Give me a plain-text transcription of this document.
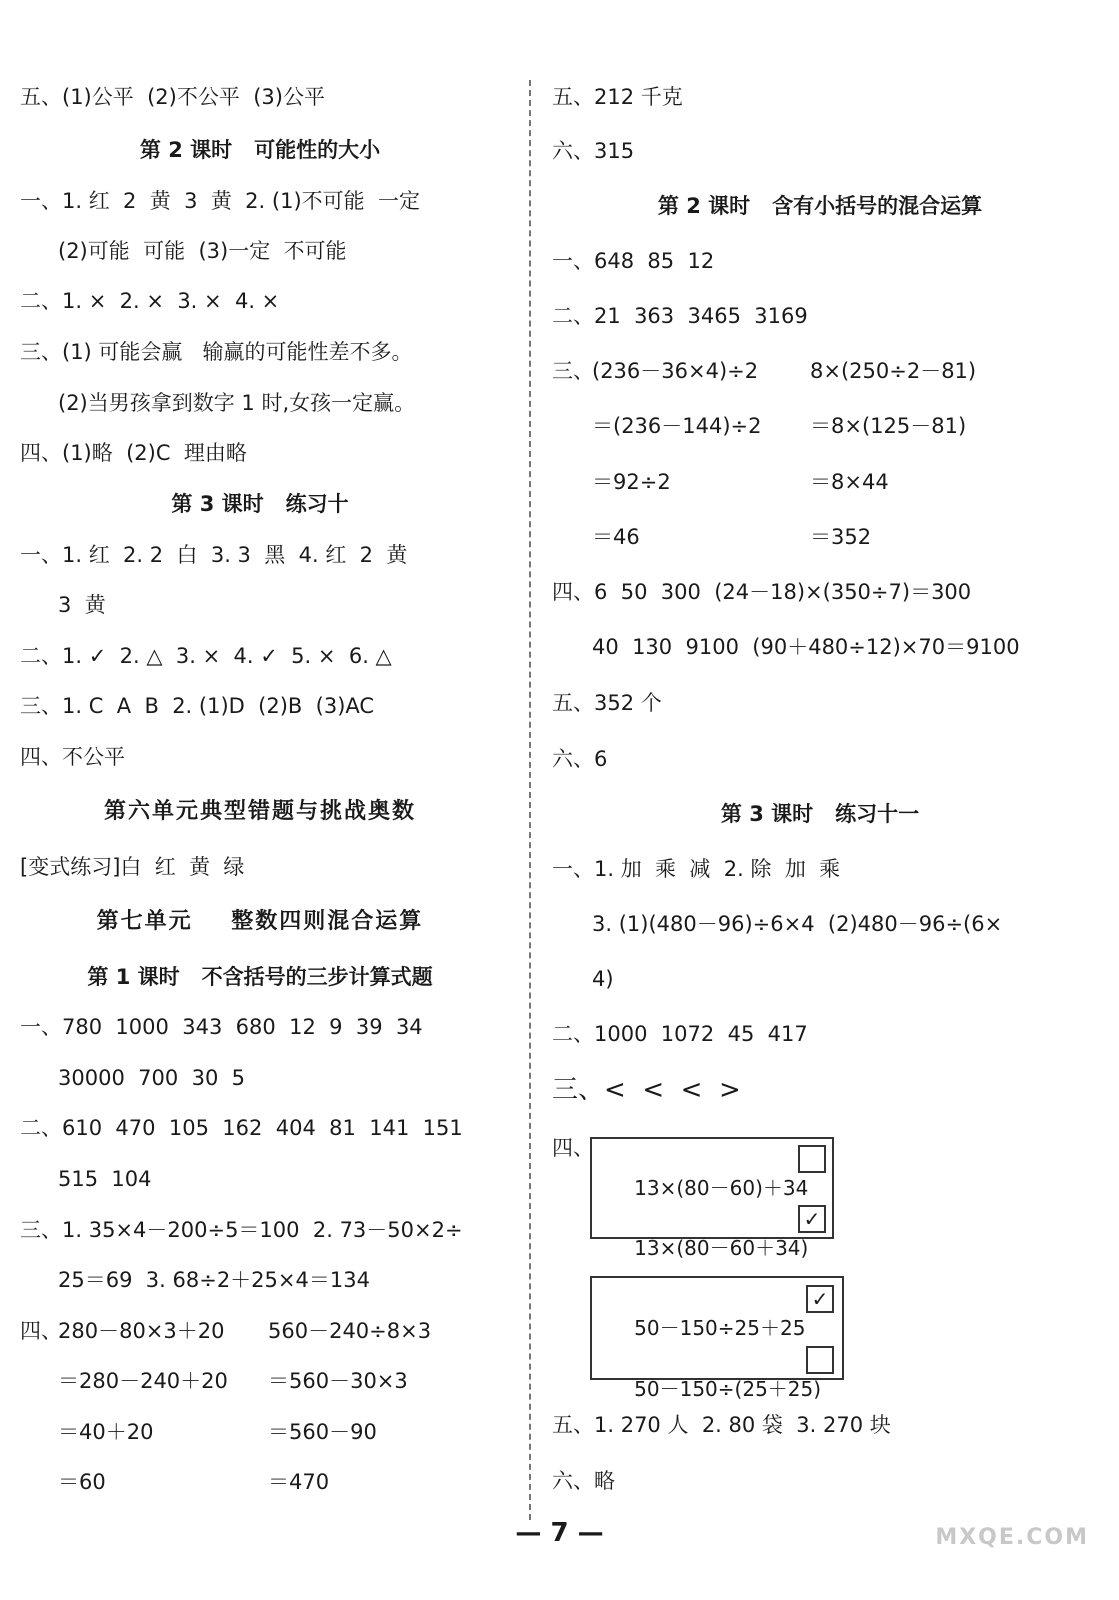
五、(1)公平  (2)不公平  (3)公平
第 2 课时   可能性的大小
一、1. 红  2  黄  3  黄  2. (1)不可能  一定
(2)可能  可能  (3)一定  不可能
二、1. ×  2. ×  3. ×  4. ×
三、(1) 可能会赢   输赢的可能性差不多。
(2)当男孩拿到数字 1 时,女孩一定赢。
四、(1)略  (2)C  理由略
第 3 课时   练习十
一、1. 红  2. 2  白  3. 3  黑  4. 红  2  黄
3  黄
二、1. ✓  2. △  3. ×  4. ✓  5. ×  6. △
三、1. C  A  B  2. (1)D  (2)B  (3)AC
四、不公平
第六单元典型错题与挑战奥数
[变式练习]白  红  黄  绿
第七单元    整数四则混合运算
第 1 课时   不含括号的三步计算式题
一、780  1000  343  680  12  9  39  34
30000  700  30  5
二、610  470  105  162  404  81  141  151
515  104
三、1. 35×4－200÷5＝100  2. 73－50×2÷
25＝69  3. 68÷2＋25×4＝134
四、
280－80×3＋20 560－240÷8×3
＝280－240＋20 ＝560－30×3
＝40＋20	＝560－90
＝60	＝470
五、212 千克
六、315
第 2 课时   含有小括号的混合运算
一、648  85  12
二、21  363  3465  3169
三、
(236－36×4)÷2 8×(250÷2－81)
＝(236－144)÷2 ＝8×(125－81)
＝92÷2	＝8×44
＝46	＝352
四、6  50  300  (24－18)×(350÷7)＝300
40  130  9100  (90＋480÷12)×70＝9100
五、352 个
六、6
第 3 课时   练习十一
一、1. 加  乘  减  2. 除  加  乘
3. (1)(480－96)÷6×4  (2)480－96÷(6×
4)
二、1000  1072  45  417
三、<  <  <  >
四、

13×(80－60)＋34

13×(80－60＋34)

✓

50－150÷25＋25

✓

50－150÷(25＋25)

五、1. 270 人  2. 80 袋  3. 270 块
六、略
— 7 —	MXQE.COM
